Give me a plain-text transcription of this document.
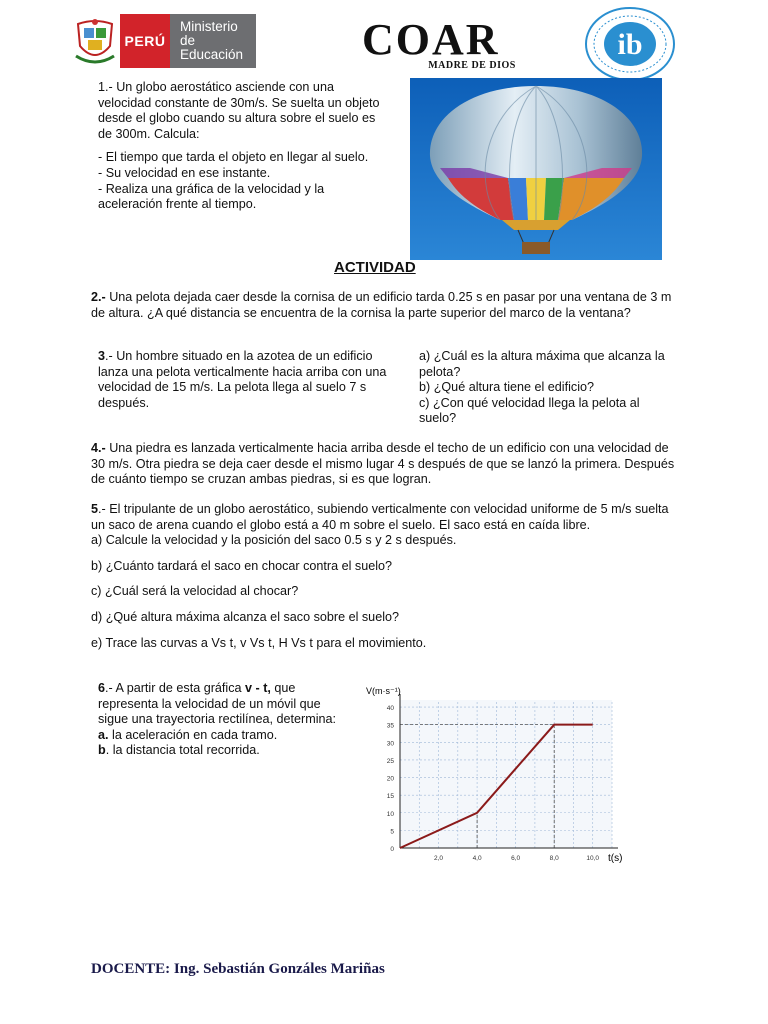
PERÚ
Ministerio
de Educación	COAR
MADRE DE DIOS
ib

1.- Un globo aerostático asciende con una velocidad constante de 30m/s. Se suelta un objeto desde el globo cuando su altura sobre el suelo es de 300m. Calcula:

- El tiempo que tarda el objeto en llegar al suelo.

- Su velocidad en ese instante.

- Realiza una gráfica de la velocidad y la aceleración frente al tiempo.

ACTIVIDAD

2.- Una pelota dejada caer desde la cornisa de un edificio tarda 0.25 s en pasar por una ventana de 3 m de altura. ¿A qué distancia se encuentra de la cornisa la parte superior del marco de la ventana?

3.- Un hombre situado en la azotea de un edificio lanza una pelota verticalmente hacia arriba con una velocidad de 15 m/s. La pelota llega al suelo 7 s después.

a) ¿Cuál es la altura máxima que alcanza la pelota?

b) ¿Qué altura tiene el edificio?

c) ¿Con qué velocidad llega la pelota al suelo?

4.- Una piedra es lanzada verticalmente hacia arriba desde el techo de un edificio con una velocidad de 30 m/s. Otra piedra se deja caer desde el mismo lugar 4 s después de que se lanzó la primera. Después de cuánto tiempo se cruzan ambas piedras, si es que logran.

5.- El tripulante de un globo aerostático, subiendo verticalmente con velocidad uniforme de 5 m/s suelta un saco de arena cuando el globo está a 40 m sobre el suelo. El saco está en caída libre.

a) Calcule la velocidad y la posición del saco 0.5 s y 2 s después.

b) ¿Cuánto tardará el saco en chocar contra el suelo?

c) ¿Cuál será la velocidad al chocar?

d) ¿Qué altura máxima alcanza el saco sobre el suelo?

e) Trace las curvas a Vs t, v Vs t, H Vs t para el movimiento.

6.- A partir de esta gráfica v - t, que representa la velocidad de un móvil que sigue una trayectoria rectilínea, determina:

a. la aceleración en cada tramo.

b. la distancia total recorrida.

0
5
10
15
20
25
30
35
40
2,0	4,0	6,0	8,0	10,0
V(m·s⁻¹)
t(s)
DOCENTE: Ing. Sebastián Gonzáles Mariñas
